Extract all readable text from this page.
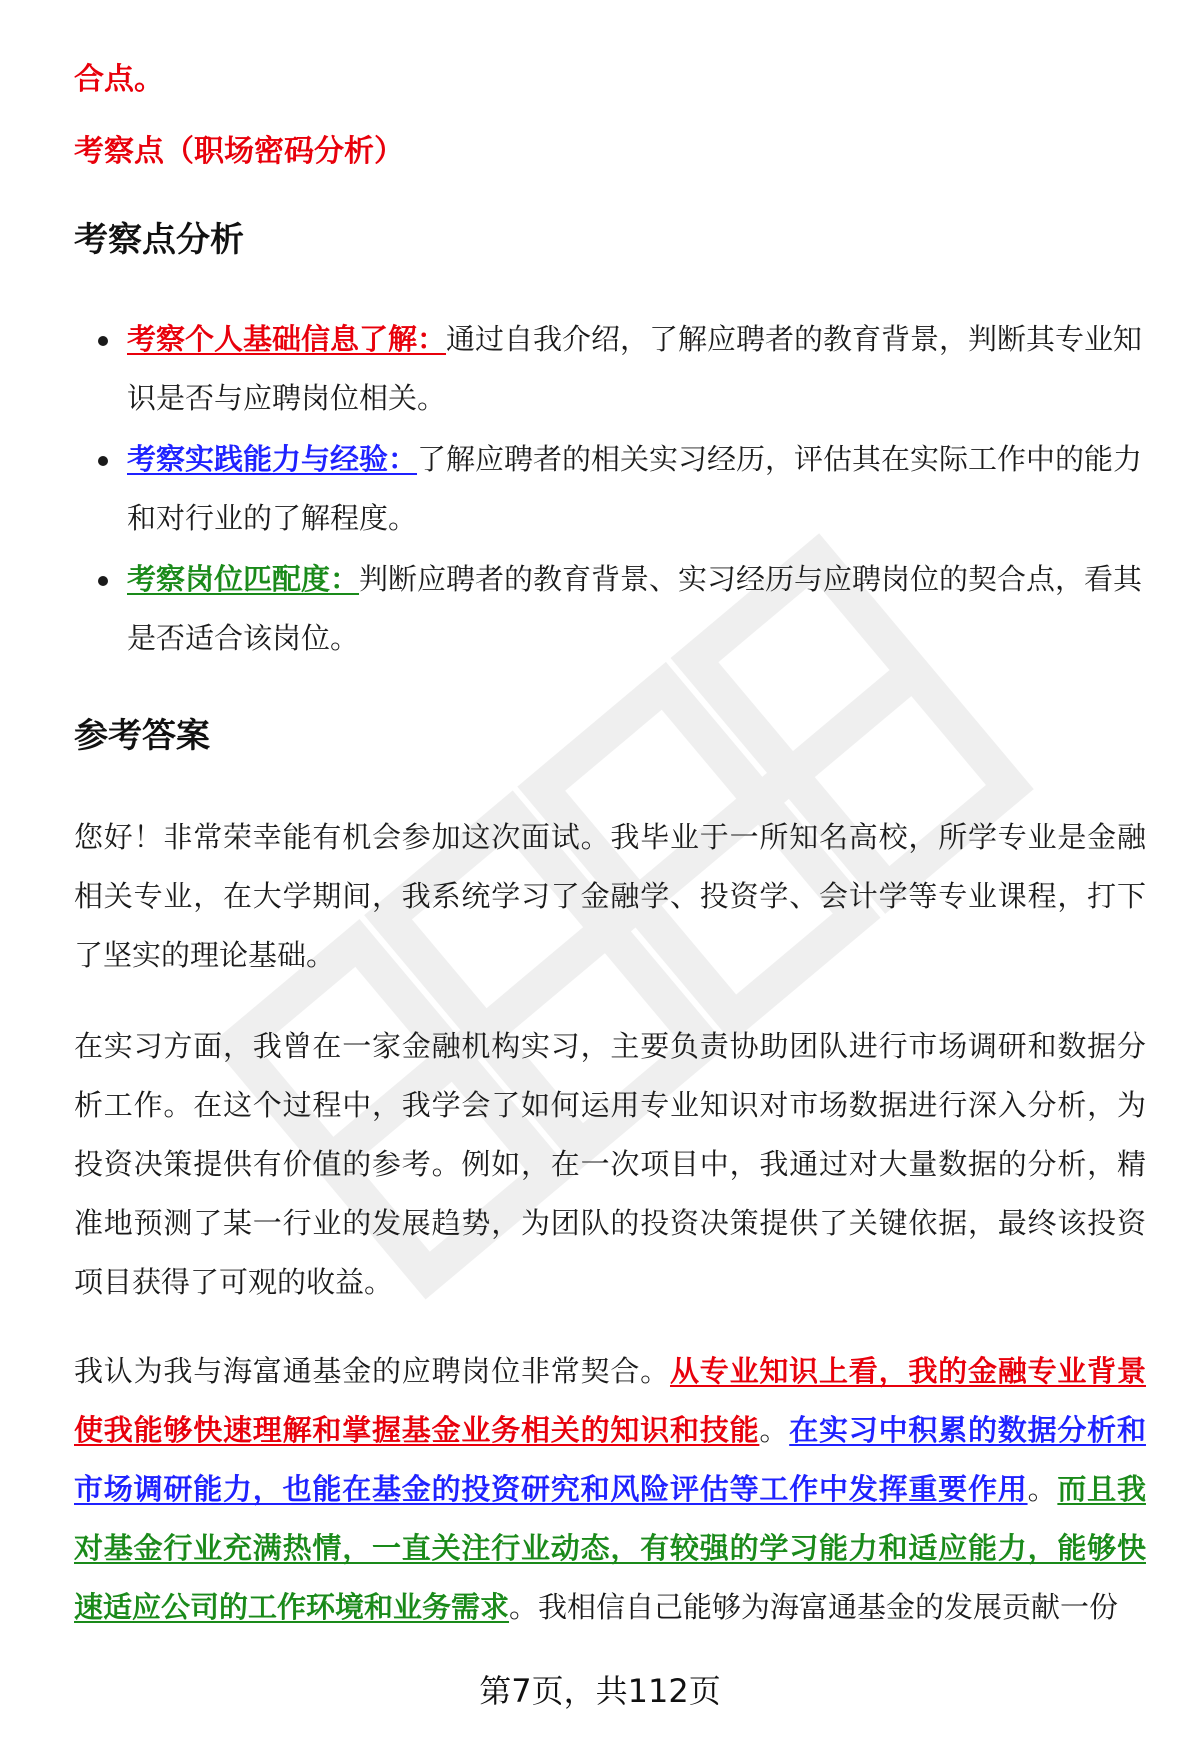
合点。

考察点（职场密码分析）

考察点分析
考察个人基础信息了解：通过自我介绍，了解应聘者的教育背景，判断其专业知识是否与应聘岗位相关。
考察实践能力与经验：了解应聘者的相关实习经历，评估其在实际工作中的能力和对行业的了解程度。
考察岗位匹配度：判断应聘者的教育背景、实习经历与应聘岗位的契合点，看其是否适合该岗位。
参考答案

您好！非常荣幸能有机会参加这次面试。我毕业于一所知名高校，所学专业是金融相关专业，在大学期间，我系统学习了金融学、投资学、会计学等专业课程，打下了坚实的理论基础。

在实习方面，我曾在一家金融机构实习，主要负责协助团队进行市场调研和数据分析工作。在这个过程中，我学会了如何运用专业知识对市场数据进行深入分析，为投资决策提供有价值的参考。例如，在一次项目中，我通过对大量数据的分析，精准地预测了某一行业的发展趋势，为团队的投资决策提供了关键依据，最终该投资项目获得了可观的收益。

我认为我与海富通基金的应聘岗位非常契合。从专业知识上看，我的金融专业背景使我能够快速理解和掌握基金业务相关的知识和技能。在实习中积累的数据分析和市场调研能力，也能在基金的投资研究和风险评估等工作中发挥重要作用。而且我对基金行业充满热情，一直关注行业动态，有较强的学习能力和适应能力，能够快速适应公司的工作环境和业务需求。我相信自己能够为海富通基金的发展贡献一份

第7页，共112页
